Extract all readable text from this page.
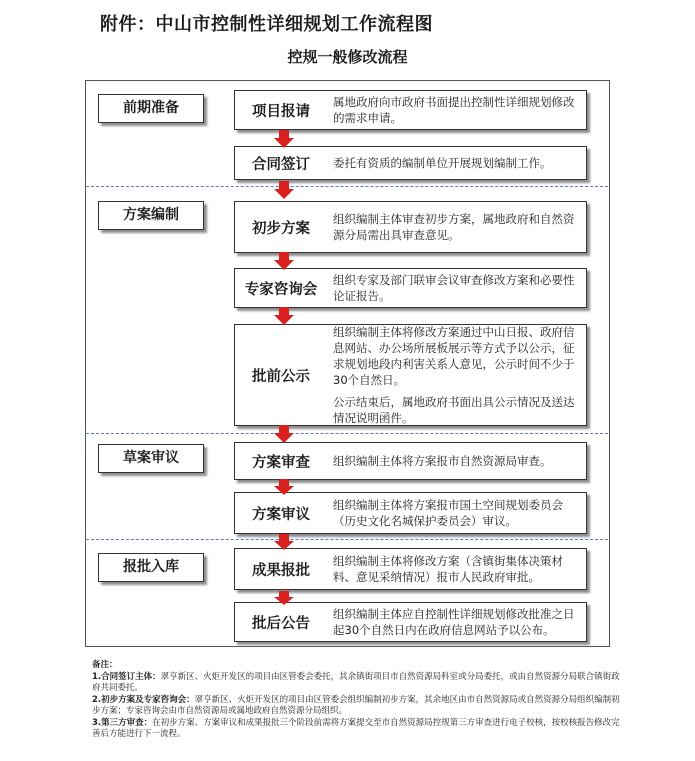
附件：中山市控制性详细规划工作流程图
控规一般修改流程
前期准备
方案编制
草案审议
报批入库
项目报请
属地政府向市政府书面提出控制性详细规划修改的需求申请。
合同签订	委托有资质的编制单位开展规划编制工作。
初步方案
组织编制主体审查初步方案，属地政府和自然资源分局需出具审查意见。
专家咨询会
组织专家及部门联审会议审查修改方案和必要性论证报告。
批前公示
组织编制主体将修改方案通过中山日报、政府信息网站、办公场所展板展示等方式予以公示，征求规划地段内利害关系人意见，公示时间不少于30个自然日。
公示结束后，属地政府书面出具公示情况及送达情况说明函件。
方案审查	组织编制主体将方案报市自然资源局审查。
方案审议
组织编制主体将方案报市国土空间规划委员会（历史文化名城保护委员会）审议。
成果报批
组织编制主体将修改方案（含镇街集体决策材料、意见采纳情况）报市人民政府审批。
批后公告
组织编制主体应自控制性详细规划修改批准之日起30个自然日内在政府信息网站予以公布。
备注：
1.合同签订主体：翠亨新区、火炬开发区的项目由区管委会委托，其余镇街项目市自然资源局科室或分局委托，或由自然资源分局联合镇街政府共同委托。
2.初步方案及专家咨询会：翠亨新区、火炬开发区的项目由区管委会组织编制初步方案，其余地区由市自然资源局或自然资源分局组织编制初步方案；专家咨询会由市自然资源局或属地政府自然资源分局组织。
3.第三方审查：在初步方案、方案审议和成果报批三个阶段前需将方案提交至市自然资源局控规第三方审查进行电子校核，按校核报告修改完善后方能进行下一流程。
